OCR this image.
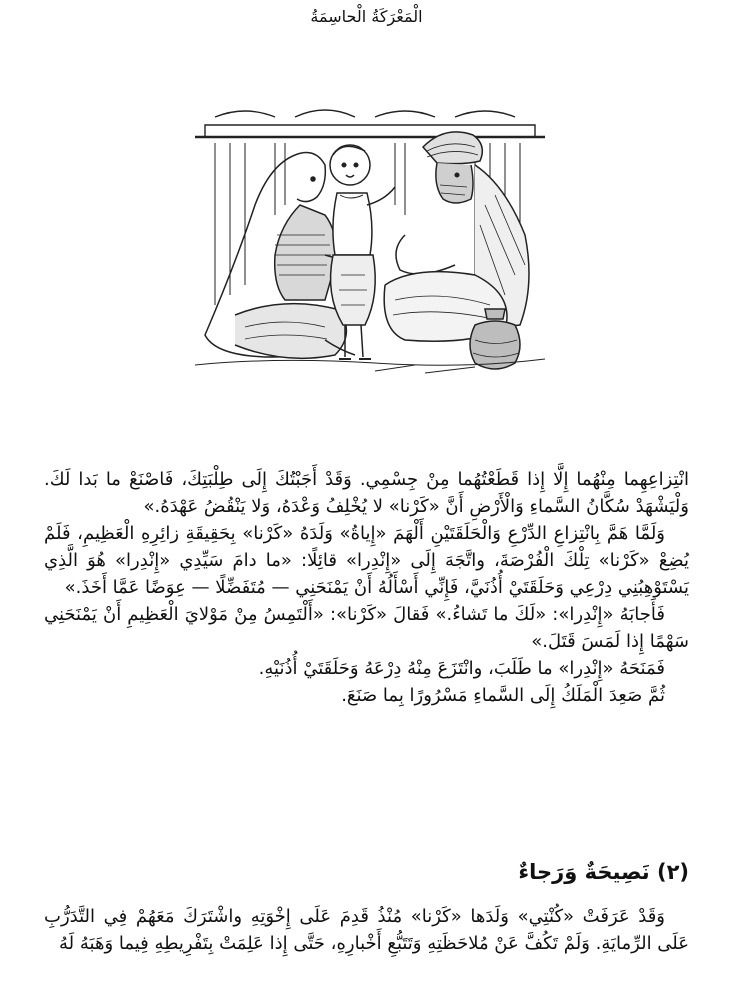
الْمَعْرَكَةُ الْحاسِمَةُ

انْتِزاعِهِما مِنْهُما إِلَّا إِذا قَطَعْتُهُما مِنْ جِسْمِي. وَقَدْ أَجَبْتُكَ إِلَى طِلْبَتِكَ، فَاصْنَعْ ما بَدا لَكَ. وَلْيَشْهَدْ سُكَّانُ السَّماءِ وَالْأَرْضِ أَنَّ «كَرْنا» لا يُخْلِفُ وَعْدَهُ، وَلا يَنْقُضُ عَهْدَهُ.»

وَلَمَّا هَمَّ بِانْتِزاعِ الدِّرْعِ وَالْحَلَقَتَيْنِ أَلْهَمَ «إِياةُ» وَلَدَهُ «كَرْنا» بِحَقِيقَةِ زائِرِهِ الْعَظِيمِ، فَلَمْ يُضِعْ «كَرْنا» تِلْكَ الْفُرْصَةَ، واتَّجَهَ إِلَى «إِنْدِرا» قائِلًا: «ما دامَ سَيِّدِي «إِنْدِرا» هُوَ الَّذِي يَسْتَوْهِبُنِي دِرْعِي وَحَلَقَتَيْ أُذُنَيَّ، فَإِنِّي أَسْأَلُهُ أَنْ يَمْنَحَنِي — مُتَفَضِّلًا — عِوَضًا عَمَّا أَخَذَ.»

فَأَجابَهُ «إِنْدِرا»: «لَكَ ما تَشاءُ.» فَقالَ «كَرْنا»: «أَلْتَمِسُ مِنْ مَوْلايَ الْعَظِيمِ أَنْ يَمْنَحَنِي سَهْمًا إِذا لَمَسَ قَتَلَ.»

فَمَنَحَهُ «إِنْدِرا» ما طَلَبَ، وانْتَزَعَ مِنْهُ دِرْعَهُ وَحَلَقَتَيْ أُذُنَيْهِ.

ثُمَّ صَعِدَ الْمَلَكُ إِلَى السَّماءِ مَسْرُورًا بِما صَنَعَ.

(٢) نَصِيحَةٌ وَرَجاءٌ

وَقَدْ عَرَفَتْ «كُنْتِي» وَلَدَها «كَرْنا» مُنْذُ قَدِمَ عَلَى إِخْوَتِهِ واشْتَرَكَ مَعَهُمْ فِي التَّدَرُّبِ عَلَى الرِّمايَةِ. وَلَمْ تَكُفَّ عَنْ مُلاحَظَتِهِ وَتَتَبُّعِ أَخْبارِهِ، حَتَّى إِذا عَلِمَتْ بِتَفْرِيطِهِ فِيما وَهَبَهُ لَهُ
